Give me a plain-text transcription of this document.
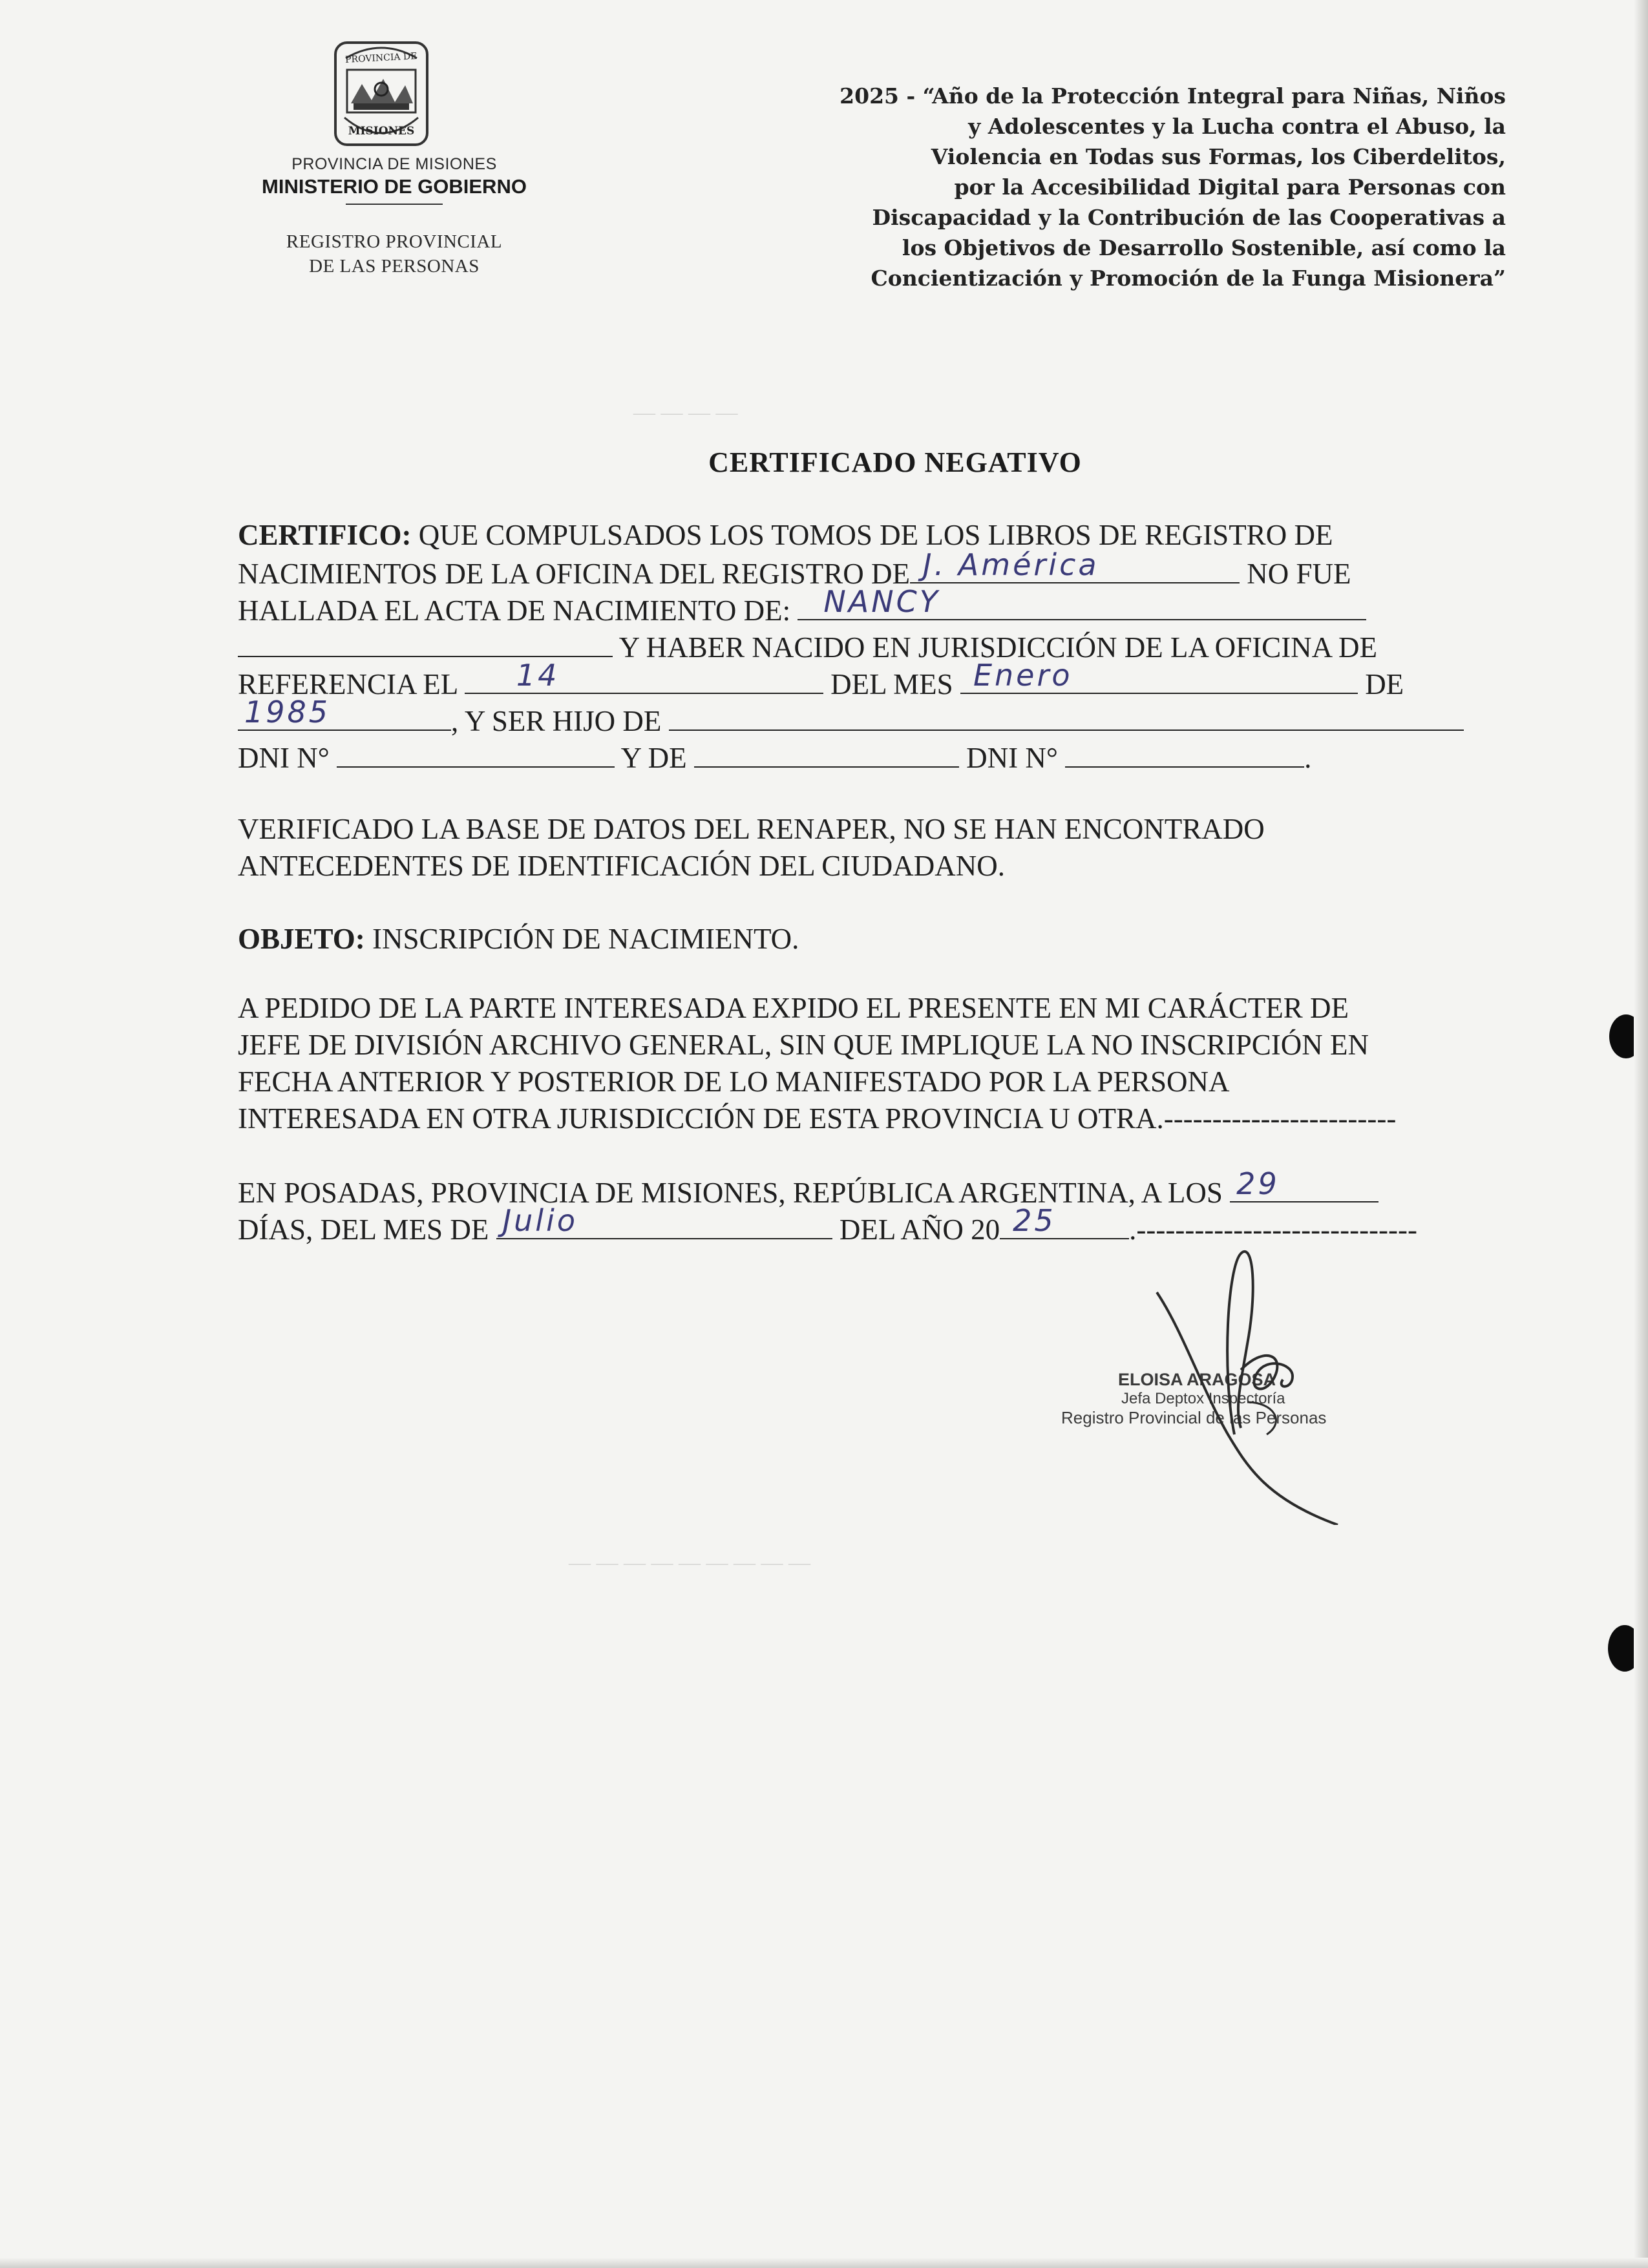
— — — —
— — — — — — — — —
PROVINCIA DE
MISIONES
PROVINCIA DE MISIONES
MINISTERIO DE GOBIERNO
REGISTRO PROVINCIAL
DE LAS PERSONAS
2025 - “Año de la Protección Integral para Niñas, Niños
y Adolescentes y la Lucha contra el Abuso, la
Violencia en Todas sus Formas, los Ciberdelitos,
por la Accesibilidad Digital para Personas con
Discapacidad y la Contribución de las Cooperativas a
los Objetivos de Desarrollo Sostenible, así como la
Concientización y Promoción de la Funga Misionera”
CERTIFICADO NEGATIVO
CERTIFICO: QUE COMPULSADOS LOS TOMOS DE LOS LIBROS DE REGISTRO DE
NACIMIENTOS DE LA OFICINA DEL REGISTRO DE J. América	NO FUE
HALLADA EL ACTA DE NACIMIENTO DE: NANCY
Y HABER NACIDO EN JURISDICCIÓN DE LA OFICINA DE
REFERENCIA EL 14	DEL MES Enero	DE
1985	, Y SER HIJO DE
DNI N°	Y DE	DNI N°	.
VERIFICADO LA BASE DE DATOS DEL RENAPER, NO SE HAN ENCONTRADO
ANTECEDENTES DE IDENTIFICACIÓN DEL CIUDADANO.
OBJETO: INSCRIPCIÓN DE NACIMIENTO.
A PEDIDO DE LA PARTE INTERESADA EXPIDO EL PRESENTE EN MI CARÁCTER DE
JEFE DE DIVISIÓN ARCHIVO GENERAL, SIN QUE IMPLIQUE LA NO INSCRIPCIÓN EN
FECHA ANTERIOR Y POSTERIOR DE LO MANIFESTADO POR LA PERSONA
INTERESADA EN OTRA JURISDICCIÓN DE ESTA PROVINCIA U OTRA.------------------------
EN POSADAS, PROVINCIA DE MISIONES, REPÚBLICA ARGENTINA, A LOS 29
DÍAS, DEL MES DE Julio	DEL AÑO 20 25	.-----------------------------
ELOISA ARAGOSA
Jefa Deptox Inspectoría
Registro Provincial de las Personas
